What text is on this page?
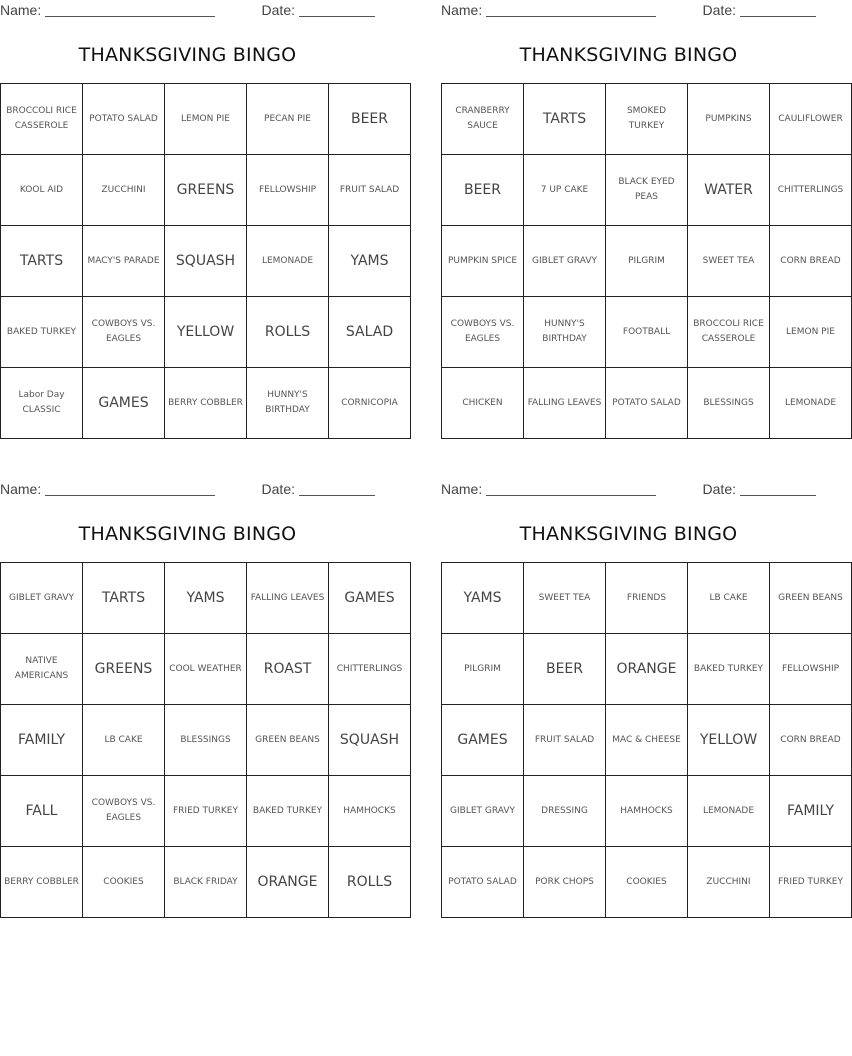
Name:	Date:
THANKSGIVING BINGO
BROCCOLI RICE CASSEROLE	POTATO SALAD	LEMON PIE	PECAN PIE	BEER
KOOL AID	ZUCCHINI	GREENS	FELLOWSHIP	FRUIT SALAD
TARTS	MACY'S PARADE	SQUASH	LEMONADE	YAMS
BAKED TURKEY	COWBOYS VS. EAGLES	YELLOW	ROLLS	SALAD
Labor Day CLASSIC	GAMES	BERRY COBBLER	HUNNY'S BIRTHDAY	CORNICOPIA
Name:	Date:
THANKSGIVING BINGO
CRANBERRY SAUCE	TARTS	SMOKED TURKEY	PUMPKINS	CAULIFLOWER
BEER	7 UP CAKE	BLACK EYED PEAS	WATER	CHITTERLINGS
PUMPKIN SPICE	GIBLET GRAVY	PILGRIM	SWEET TEA	CORN BREAD
COWBOYS VS. EAGLES	HUNNY'S BIRTHDAY	FOOTBALL	BROCCOLI RICE CASSEROLE	LEMON PIE
CHICKEN	FALLING LEAVES	POTATO SALAD	BLESSINGS	LEMONADE
Name:	Date:
THANKSGIVING BINGO
GIBLET GRAVY	TARTS	YAMS	FALLING LEAVES	GAMES
NATIVE AMERICANS	GREENS	COOL WEATHER	ROAST	CHITTERLINGS
FAMILY	LB CAKE	BLESSINGS	GREEN BEANS	SQUASH
FALL	COWBOYS VS. EAGLES	FRIED TURKEY	BAKED TURKEY	HAMHOCKS
BERRY COBBLER	COOKIES	BLACK FRIDAY	ORANGE	ROLLS
Name:	Date:
THANKSGIVING BINGO
YAMS	SWEET TEA	FRIENDS	LB CAKE	GREEN BEANS
PILGRIM	BEER	ORANGE	BAKED TURKEY	FELLOWSHIP
GAMES	FRUIT SALAD	MAC & CHEESE	YELLOW	CORN BREAD
GIBLET GRAVY	DRESSING	HAMHOCKS	LEMONADE	FAMILY
POTATO SALAD	PORK CHOPS	COOKIES	ZUCCHINI	FRIED TURKEY
